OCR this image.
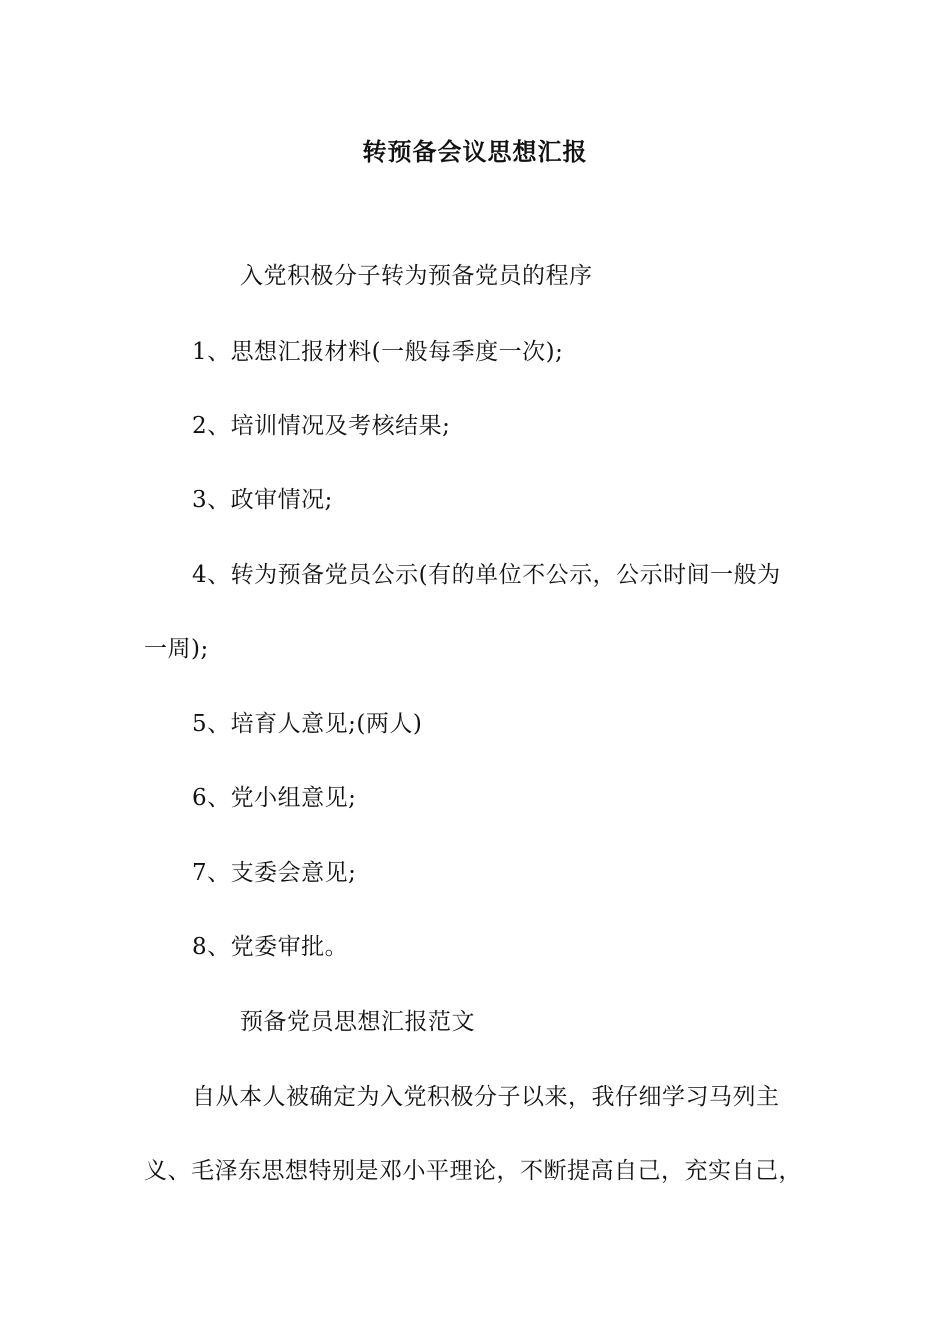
转预备会议思想汇报
入党积极分子转为预备党员的程序
1、思想汇报材料(一般每季度一次);
2、培训情况及考核结果;
3、政审情况;
4、转为预备党员公示(有的单位不公示，公示时间一般为
一周);
5、培育人意见;(两人)
6、党小组意见;
7、支委会意见;
8、党委审批。
预备党员思想汇报范文
自从本人被确定为入党积极分子以来，我仔细学习马列主
义、毛泽东思想特别是邓小平理论，不断提高自己，充实自己，
